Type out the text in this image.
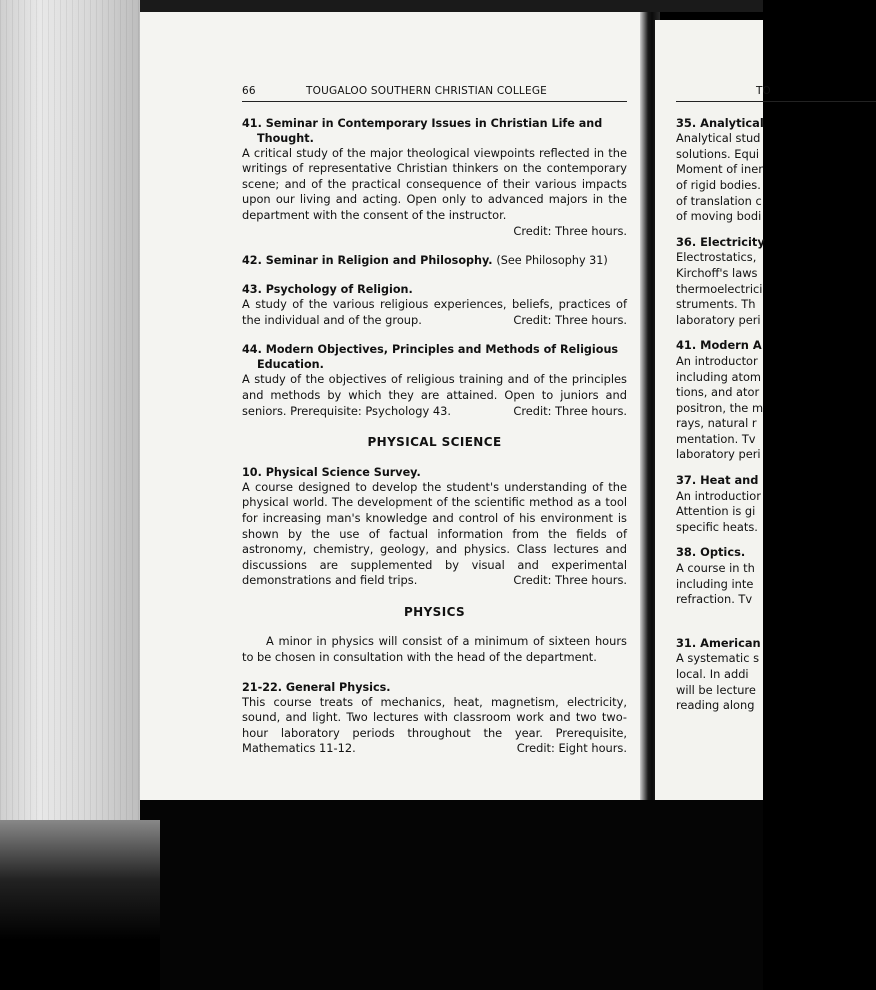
66	TOUGALOO SOUTHERN CHRISTIAN COLLEGE
41. Seminar in Contemporary Issues in Christian Life and Thought.
A critical study of the major theological viewpoints reflected in the writings of representative Christian thinkers on the contemporary scene; and of the practical consequence of their various impacts upon our living and acting. Open only to advanced majors in the department with the consent of the instructor.
Credit: Three hours.
42. Seminar in Religion and Philosophy. (See Philosophy 31)
43. Psychology of Religion.
A study of the various religious experiences, beliefs, practices of the individual and of the group.	Credit: Three hours.
44. Modern Objectives, Principles and Methods of Religious Education.
A study of the objectives of religious training and of the principles and methods by which they are attained. Open to juniors and seniors. Prerequisite: Psychology 43.	Credit: Three hours.
PHYSICAL SCIENCE
10. Physical Science Survey.
A course designed to develop the student's understanding of the physical world. The development of the scientific method as a tool for increasing man's knowledge and control of his environment is shown by the use of factual information from the fields of astronomy, chemistry, geology, and physics. Class lectures and discussions are supplemented by visual and experimental demonstrations and field trips.	Credit: Three hours.
PHYSICS
A minor in physics will consist of a minimum of sixteen hours to be chosen in consultation with the head of the department.
21-22. General Physics.
This course treats of mechanics, heat, magnetism, electricity, sound, and light. Two lectures with classroom work and two two-hour laboratory periods throughout the year. Prerequisite, Mathematics 11-12.	Credit: Eight hours.
TO
35. Analytical
Analytical stud
solutions. Equi
Moment of iner
of rigid bodies.
of translation c
of moving bodi
36. Electricity
Electrostatics,
Kirchoff's laws
thermoelectrici
struments. Th
laboratory peri
41. Modern A
An introductor
including atom
tions, and ator
positron, the m
rays, natural r
mentation. Tv
laboratory peri
37. Heat and
An introductior
Attention is gi
specific heats.
38. Optics.
A course in th
including inte
refraction. Tv
31. American
A systematic s
local. In addi
will be lecture
reading along
